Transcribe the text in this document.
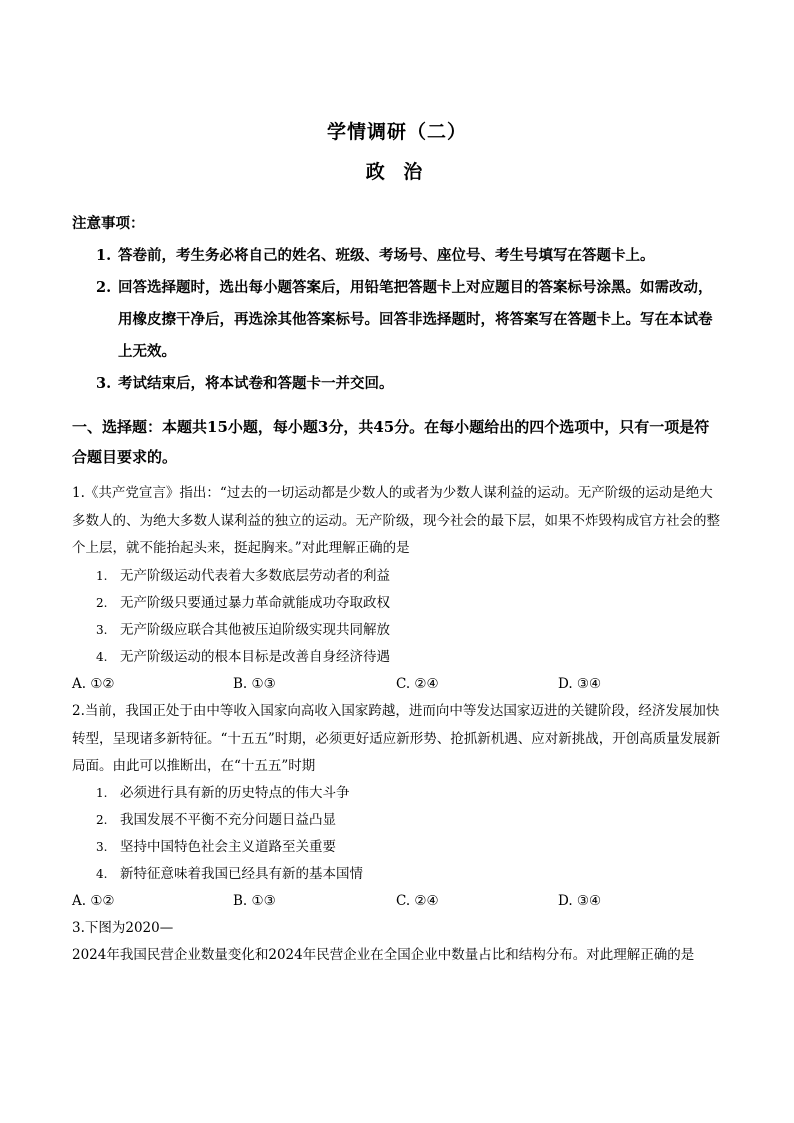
学情调研（二）
政 治
注意事项：
1. 答卷前，考生务必将自己的姓名、班级、考场号、座位号、考生号填写在答题卡上。
2. 回答选择题时，选出每小题答案后，用铅笔把答题卡上对应题目的答案标号涂黑。如需改动，用橡皮擦干净后，再选涂其他答案标号。回答非选择题时，将答案写在答题卡上。写在本试卷上无效。
3. 考试结束后，将本试卷和答题卡一并交回。
一、选择题：本题共15小题，每小题3分，共45分。在每小题给出的四个选项中，只有一项是符合题目要求的。
1.《共产党宣言》指出：“过去的一切运动都是少数人的或者为少数人谋利益的运动。无产阶级的运动是绝大多数人的、为绝大多数人谋利益的独立的运动。无产阶级，现今社会的最下层，如果不炸毁构成官方社会的整个上层，就不能抬起头来，挺起胸来。”对此理解正确的是
1. 无产阶级运动代表着大多数底层劳动者的利益
2. 无产阶级只要通过暴力革命就能成功夺取政权
3. 无产阶级应联合其他被压迫阶级实现共同解放
4. 无产阶级运动的根本目标是改善自身经济待遇
A. ①②	B. ①③	C. ②④	D. ③④
2.当前，我国正处于由中等收入国家向高收入国家跨越，进而向中等发达国家迈进的关键阶段，经济发展加快转型，呈现诸多新特征。“十五五”时期，必须更好适应新形势、抢抓新机遇、应对新挑战，开创高质量发展新局面。由此可以推断出，在“十五五”时期
1. 必须进行具有新的历史特点的伟大斗争
2. 我国发展不平衡不充分问题日益凸显
3. 坚持中国特色社会主义道路至关重要
4. 新特征意味着我国已经具有新的基本国情
A. ①②	B. ①③	C. ②④	D. ③④
3.下图为2020—
2024年我国民营企业数量变化和2024年民营企业在全国企业中数量占比和结构分布。对此理解正确的是
